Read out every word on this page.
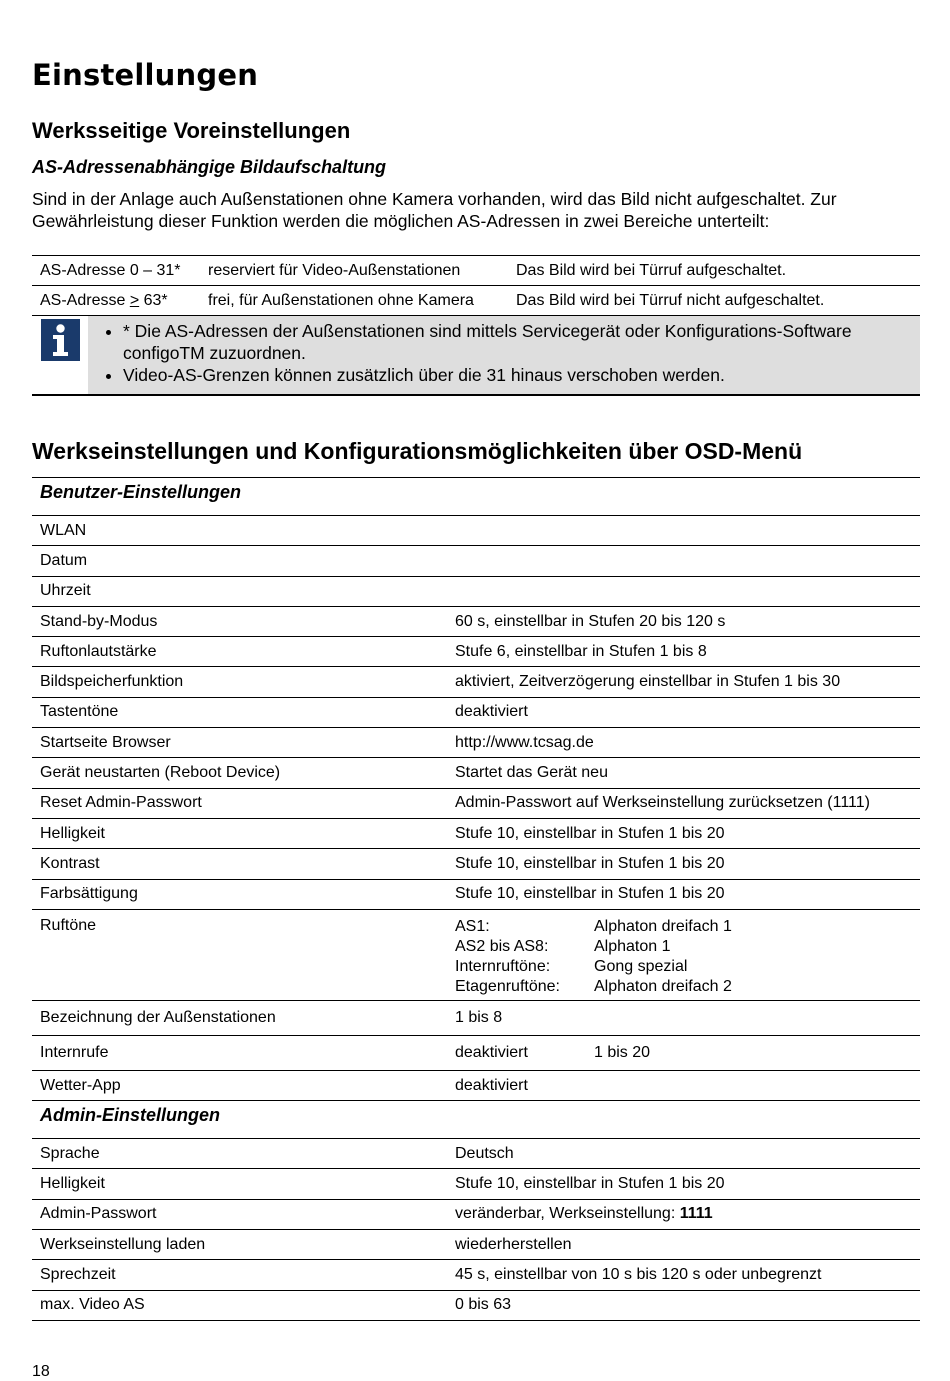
Einstellungen
Werksseitige Voreinstellungen
AS-Adressenabhängige Bildaufschaltung

Sind in der Anlage auch Außenstationen ohne Kamera vorhanden, wird das Bild nicht aufgeschaltet. Zur Gewährleistung dieser Funktion werden die möglichen AS-Adressen in zwei Bereiche unterteilt:

AS-Adresse 0 – 31*	reserviert für Video-Außenstationen	Das Bild wird bei Türruf aufgeschaltet.
AS-Adresse > 63*	frei, für Außenstationen ohne Kamera	Das Bild wird bei Türruf nicht aufgeschaltet.
• * Die AS-Adressen der Außenstationen sind mittels Servicegerät oder Konfigurations-Software configoTM zuzuordnen.
• Video-AS-Grenzen können zusätzlich über die 31 hinaus verschoben werden.
Werkseinstellungen und Konfigurationsmöglichkeiten über OSD-Menü
Benutzer-Einstellungen
WLAN
Datum
Uhrzeit
Stand-by-Modus	60 s, einstellbar in Stufen 20 bis 120 s
Ruftonlautstärke	Stufe 6, einstellbar in Stufen 1 bis 8
Bildspeicherfunktion	aktiviert, Zeitverzögerung einstellbar in Stufen 1 bis 30
Tastentöne	deaktiviert
Startseite Browser	http://www.tcsag.de
Gerät neustarten (Reboot Device)	Startet das Gerät neu
Reset Admin-Passwort	Admin-Passwort auf Werkseinstellung zurücksetzen (1111)
Helligkeit	Stufe 10, einstellbar in Stufen 1 bis 20
Kontrast	Stufe 10, einstellbar in Stufen 1 bis 20
Farbsättigung	Stufe 10, einstellbar in Stufen 1 bis 20
Ruftöne	AS1:	Alphaton dreifach 1
AS2 bis AS8:	Alphaton 1
Internruftöne:	Gong spezial
Etagenruftöne:	Alphaton dreifach 2
Bezeichnung der Außenstationen	1 bis 8
Internrufe	deaktiviert	1 bis 20
Wetter-App	deaktiviert
Admin-Einstellungen
Sprache	Deutsch
Helligkeit	Stufe 10, einstellbar in Stufen 1 bis 20
Admin-Passwort	veränderbar, Werkseinstellung: 1111
Werkseinstellung laden	wiederherstellen
Sprechzeit	45 s, einstellbar von 10 s bis 120 s oder unbegrenzt
max. Video AS	0 bis 63
18
